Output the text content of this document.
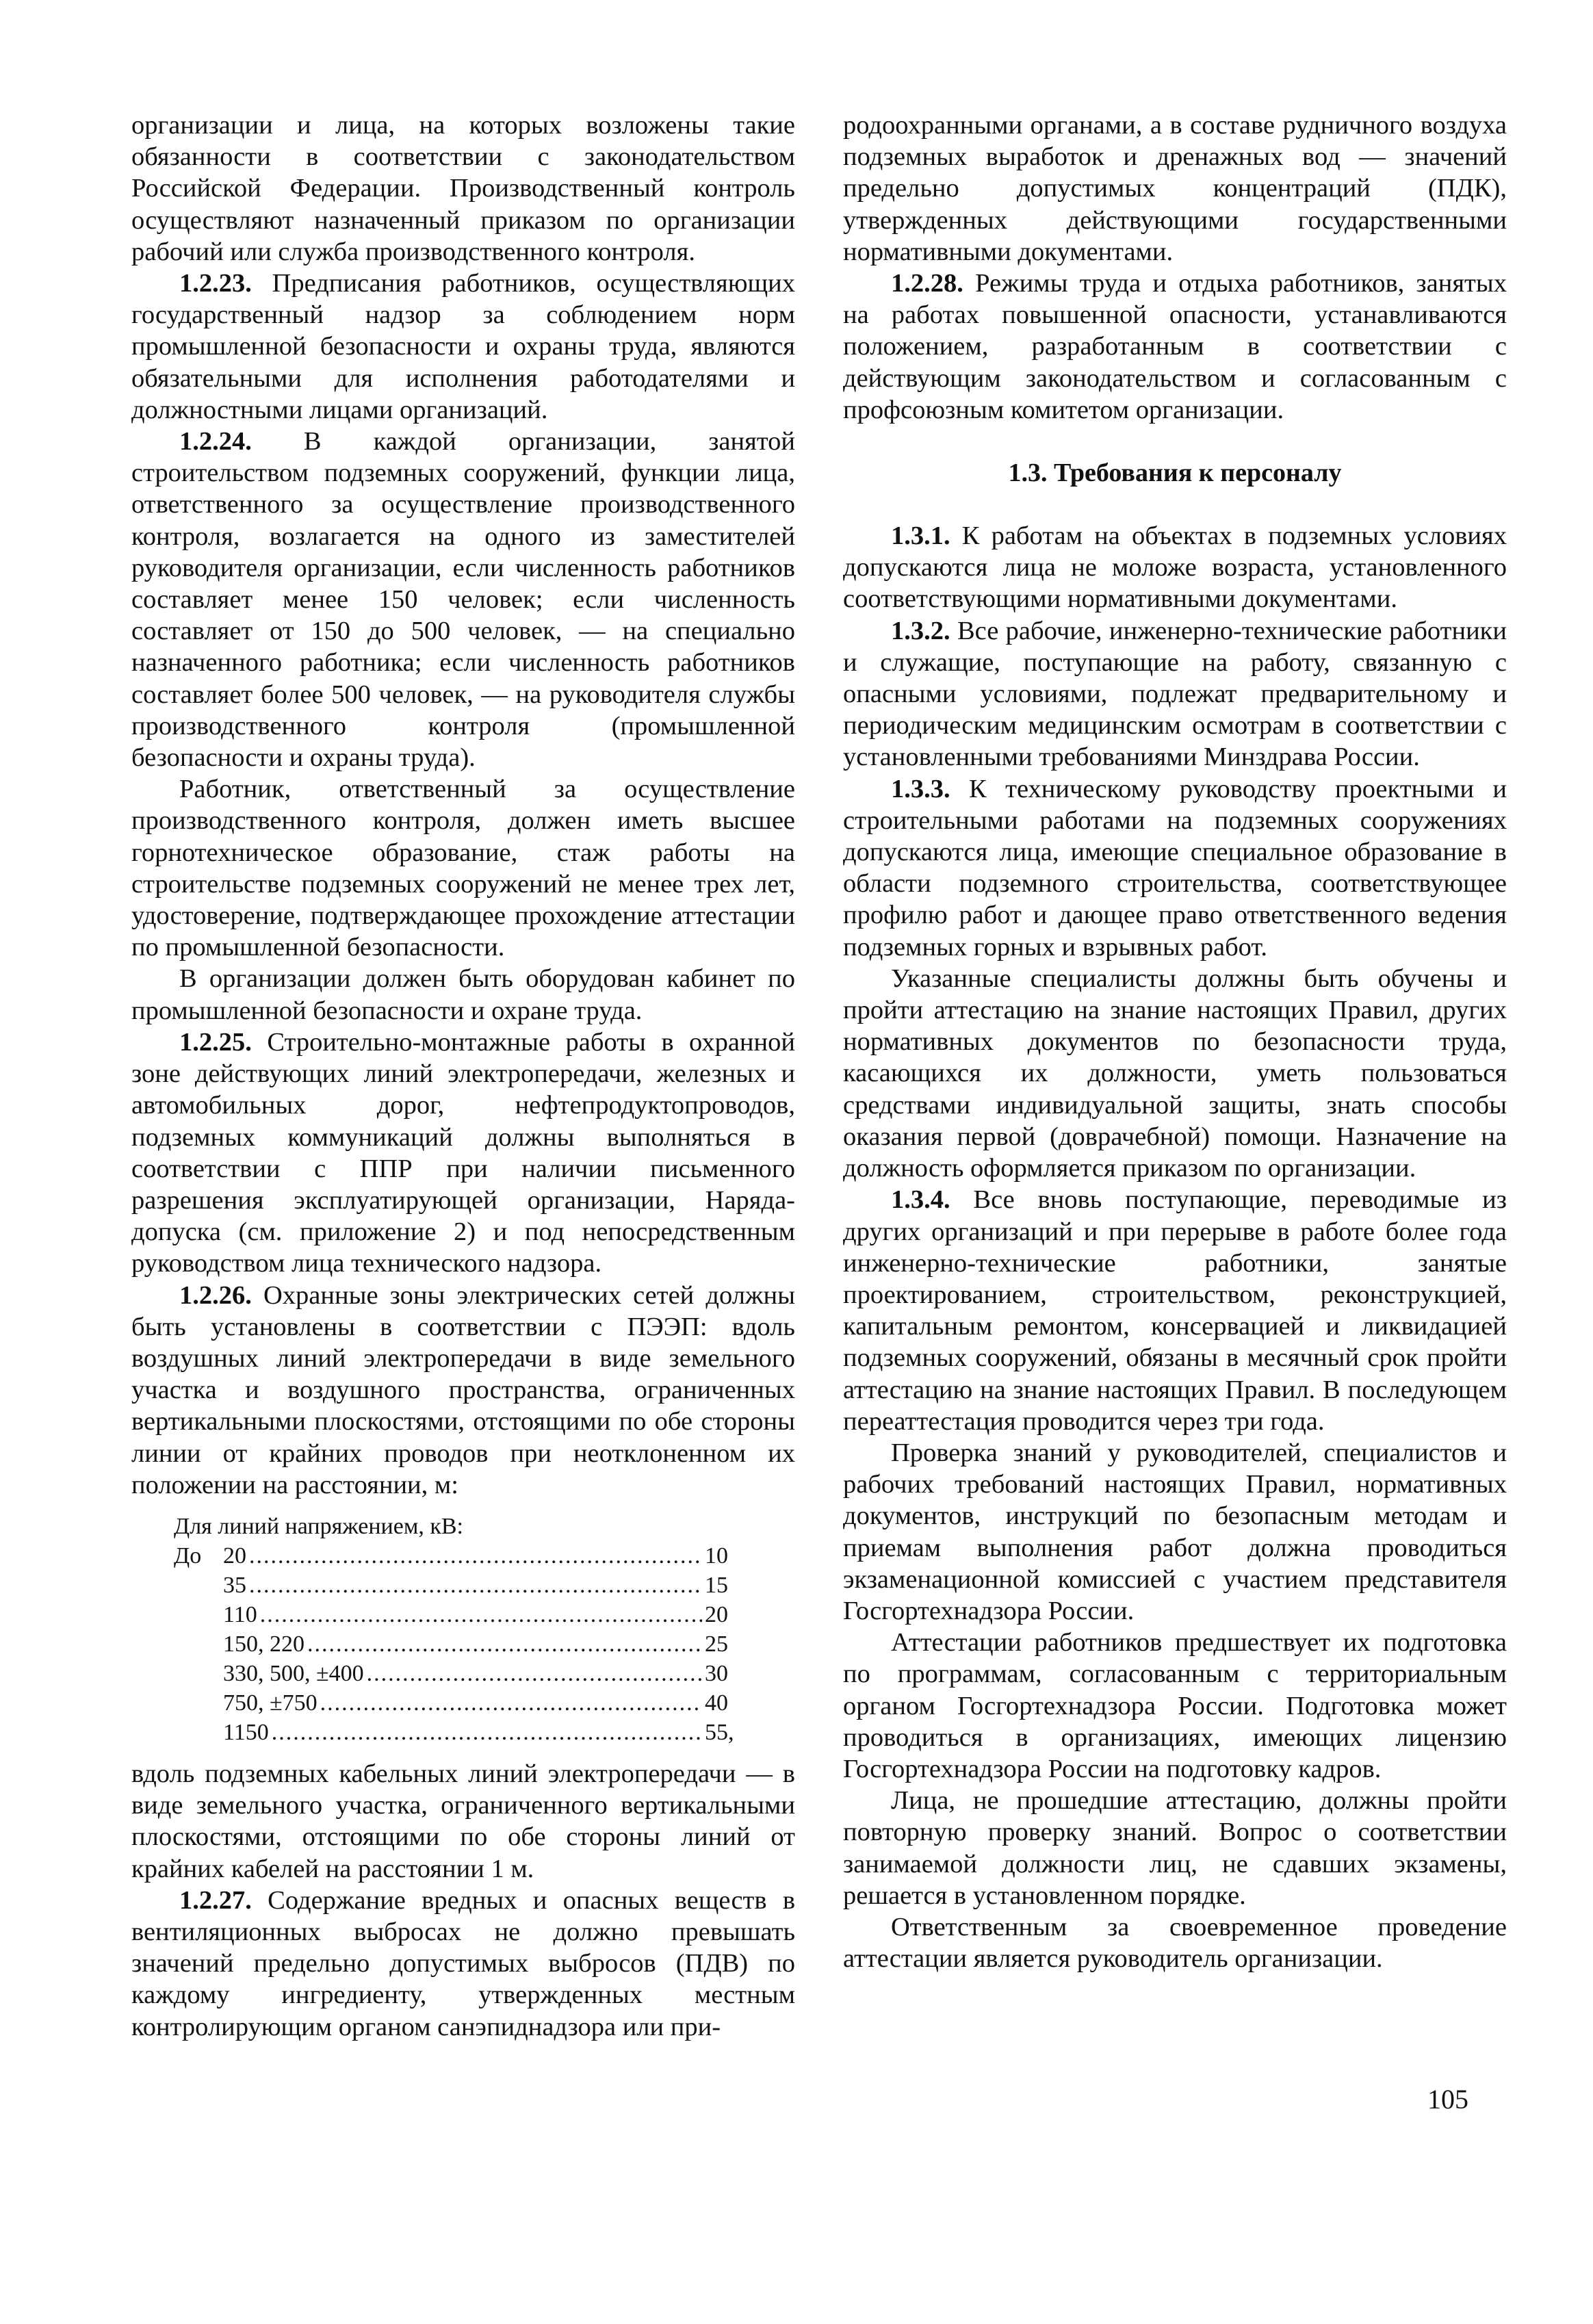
организации и лица, на которых возложены такие обязанности в соответствии с законодательством Российской Федерации. Производственный контроль осуществляют назначенный приказом по организации рабочий или служба производственного контроля.

1.2.23. Предписания работников, осуществляющих государственный надзор за соблюдением норм промышленной безопасности и охраны труда, являются обязательными для исполнения работодателями и должностными лицами организаций.

1.2.24. В каждой организации, занятой строительством подземных сооружений, функции лица, ответственного за осуществление производственного контроля, возлагается на одного из заместителей руководителя организации, если численность работников составляет менее 150 человек; если численность составляет от 150 до 500 человек, — на специально назначенного работника; если численность работников составляет более 500 человек, — на руководителя службы производственного контроля (промышленной безопасности и охраны труда).

Работник, ответственный за осуществление производственного контроля, должен иметь высшее горнотехническое образование, стаж работы на строительстве подземных сооружений не менее трех лет, удостоверение, подтверждающее прохождение аттестации по промышленной безопасности.

В организации должен быть оборудован кабинет по промышленной безопасности и охране труда.

1.2.25. Строительно-монтажные работы в охранной зоне действующих линий электропередачи, железных и автомобильных дорог, нефтепродуктопроводов, подземных коммуникаций должны выполняться в соответствии с ППР при наличии письменного разрешения эксплуатирующей организации, Наряда-допуска (см. приложение 2) и под непосредственным руководством лица технического надзора.

1.2.26. Охранные зоны электрических сетей должны быть установлены в соответствии с ПЭЭП: вдоль воздушных линий электропередачи в виде земельного участка и воздушного пространства, ограниченных вертикальными плоскостями, отстоящими по обе стороны линии от крайних проводов при неотклоненном их положении на расстоянии, м:

Для линий напряжением, кВ:
До 20 .....	10
35 .....	15
110 .....	20
150, 220 .....	25
330, 500, ±400 .....	30
750, ±750 .....	40
1150 .....	55,

вдоль подземных кабельных линий электропередачи — в виде земельного участка, ограниченного вертикальными плоскостями, отстоящими по обе стороны линий от крайних кабелей на расстоянии 1 м.

1.2.27. Содержание вредных и опасных веществ в вентиляционных выбросах не должно превышать значений предельно допустимых выбросов (ПДВ) по каждому ингредиенту, утвержденных местным контролирующим органом санэпиднадзора или при-

родоохранными органами, а в составе рудничного воздуха подземных выработок и дренажных вод — значений предельно допустимых концентраций (ПДК), утвержденных действующими государственными нормативными документами.

1.2.28. Режимы труда и отдыха работников, занятых на работах повышенной опасности, устанавливаются положением, разработанным в соответствии с действующим законодательством и согласованным с профсоюзным комитетом организации.

1.3. Требования к персоналу

1.3.1. К работам на объектах в подземных условиях допускаются лица не моложе возраста, установленного соответствующими нормативными документами.

1.3.2. Все рабочие, инженерно-технические работники и служащие, поступающие на работу, связанную с опасными условиями, подлежат предварительному и периодическим медицинским осмотрам в соответствии с установленными требованиями Минздрава России.

1.3.3. К техническому руководству проектными и строительными работами на подземных сооружениях допускаются лица, имеющие специальное образование в области подземного строительства, соответствующее профилю работ и дающее право ответственного ведения подземных горных и взрывных работ.

Указанные специалисты должны быть обучены и пройти аттестацию на знание настоящих Правил, других нормативных документов по безопасности труда, касающихся их должности, уметь пользоваться средствами индивидуальной защиты, знать способы оказания первой (доврачебной) помощи. Назначение на должность оформляется приказом по организации.

1.3.4. Все вновь поступающие, переводимые из других организаций и при перерыве в работе более года инженерно-технические работники, занятые проектированием, строительством, реконструкцией, капитальным ремонтом, консервацией и ликвидацией подземных сооружений, обязаны в месячный срок пройти аттестацию на знание настоящих Правил. В последующем переаттестация проводится через три года.

Проверка знаний у руководителей, специалистов и рабочих требований настоящих Правил, нормативных документов, инструкций по безопасным методам и приемам выполнения работ должна проводиться экзаменационной комиссией с участием представителя Госгортехнадзора России.

Аттестации работников предшествует их подготовка по программам, согласованным с территориальным органом Госгортехнадзора России. Подготовка может проводиться в организациях, имеющих лицензию Госгортехнадзора России на подготовку кадров.

Лица, не прошедшие аттестацию, должны пройти повторную проверку знаний. Вопрос о соответствии занимаемой должности лиц, не сдавших экзамены, решается в установленном порядке.

Ответственным за своевременное проведение аттестации является руководитель организации.

105
